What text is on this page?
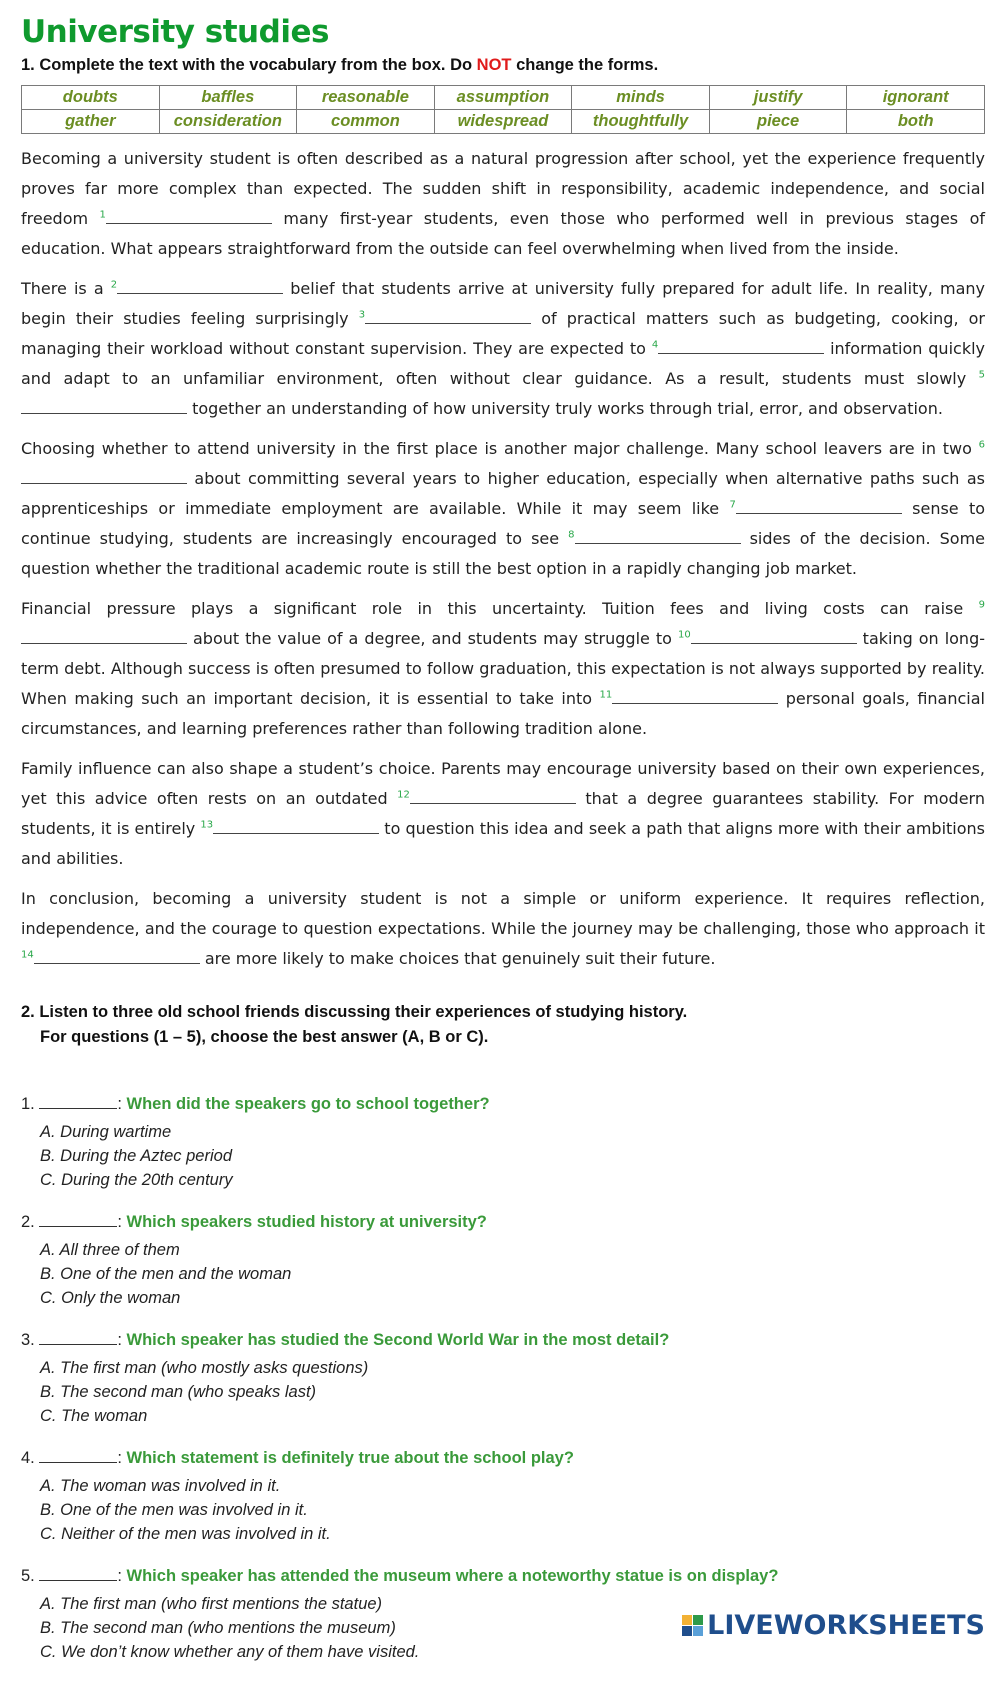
University studies
1. Complete the text with the vocabulary from the box. Do NOT change the forms.
doubts	baffles	reasonable	assumption	minds	justify	ignorant
gather	consideration	common	widespread	thoughtfully	piece	both

Becoming a university student is often described as a natural progression after school, yet the experience frequently proves far more complex than expected. The sudden shift in responsibility, academic independence, and social freedom $^1$	many first-year students, even those who performed well in previous stages of education. What appears straightforward from the outside can feel overwhelming when lived from the inside.

There is a $^2$	belief that students arrive at university fully prepared for adult life. In reality, many begin their studies feeling surprisingly $^3$	of practical matters such as budgeting, cooking, or managing their workload without constant supervision. They are expected to $^4$	information quickly and adapt to an unfamiliar environment, often without clear guidance. As a result, students must slowly $^5$ together an understanding of how university truly works through trial, error, and observation.

Choosing whether to attend university in the first place is another major challenge. Many school leavers are in two $^6$ about committing several years to higher education, especially when alternative paths such as apprenticeships or immediate employment are available. While it may seem like $^7$	sense to continue studying, students are increasingly encouraged to see $^8$	sides of the decision. Some question whether the traditional academic route is still the best option in a rapidly changing job market.

Financial pressure plays a significant role in this uncertainty. Tuition fees and living costs can raise $^9$ about the value of a degree, and students may struggle to $^{10}$	taking on long-term debt. Although success is often presumed to follow graduation, this expectation is not always supported by reality. When making such an important decision, it is essential to take into $^{11}$	personal goals, financial circumstances, and learning preferences rather than following tradition alone.

Family influence can also shape a student’s choice. Parents may encourage university based on their own experiences, yet this advice often rests on an outdated $^{12}$	that a degree guarantees stability. For modern students, it is entirely $^{13}$	to question this idea and seek a path that aligns more with their ambitions and abilities.

In conclusion, becoming a university student is not a simple or uniform experience. It requires reflection, independence, and the courage to question expectations. While the journey may be challenging, those who approach it $^{14}$	are more likely to make choices that genuinely suit their future.

2. Listen to three old school friends discussing their experiences of studying history.
For questions (1 – 5), choose the best answer (A, B or C).
1.	: When did the speakers go to school together?
A. During wartime
B. During the Aztec period
C. During the 20th century
2.	: Which speakers studied history at university?
A. All three of them
B. One of the men and the woman
C. Only the woman
3.	: Which speaker has studied the Second World War in the most detail?
A. The first man (who mostly asks questions)
B. The second man (who speaks last)
C. The woman
4.	: Which statement is definitely true about the school play?
A. The woman was involved in it.
B. One of the men was involved in it.
C. Neither of the men was involved in it.
5.	: Which speaker has attended the museum where a noteworthy statue is on display?
A. The first man (who first mentions the statue)
B. The second man (who mentions the museum)
C. We don’t know whether any of them have visited.
LIVEWORKSHEETS
